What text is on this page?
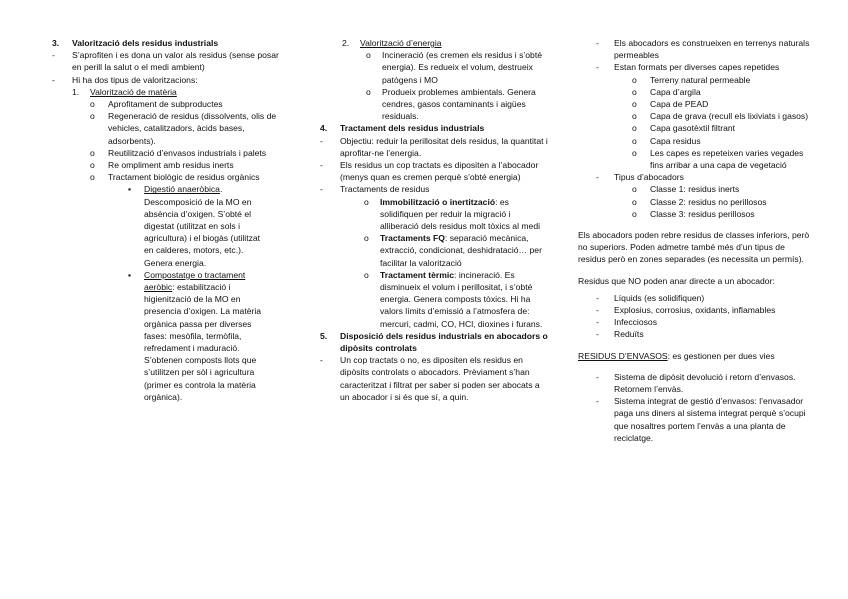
3. Valorització dels residus industrials
- S’aprofiten i es dona un valor als residus (sense posar en perill la salut o el medi ambient)
- Hi ha dos tipus de valoritzacions:
1. Valorització de matèria
o Aprofitament de subproductes
o Regeneració de residus (dissolvents, olis de vehicles, catalitzadors, àcids bases, adsorbents).
o Reutilització d’envasos industrials i palets
o Re ompliment amb residus inerts
o Tractament biològic de residus orgànics
▪ Digestió anaeròbica. Descomposició de la MO en absència d’oxigen. S’obté el digestat (utilitzat en sols i agricultura) i el biogàs (utilitzat en calderes, motors, etc.). Genera energia.
▪ Compostatge o tractament aeròbic: estabilització i higienització de la MO en presencia d’oxigen. La matèria orgànica passa per diverses fases: mesòfila, termòfila, refredament i maduració. S’obtenen composts llots que s’utilitzen per sòl i agricultura (primer es controla la matèria orgànica).
2. Valorització d’energia
o Incineració (es cremen els residus i s’obté energia). Es redueix el volum, destrueix patògens i MO
o Produeix problemes ambientals. Genera cendres, gasos contaminants i aigües residuals.
4. Tractament dels residus industrials
- Objectiu: reduir la perillositat dels residus, la quantitat i aprofitar-ne l’energia.
- Els residus un cop tractats es dipositen a l’abocador (menys quan es cremen perquè s’obté energia)
- Tractaments de residus
o Immobilització o inertització: es solidifiquen per reduir la migració i alliberació dels residus molt tòxics al medi
o Tractaments FQ: separació mecànica, extracció, condicionat, deshidratació… per facilitar la valorització
o Tractament tèrmic: incineració. Es disminueix el volum i perillositat, i s’obté energia. Genera composts tòxics. Hi ha valors límits d’emissió a l’atmosfera de: mercuri, cadmi, CO, HCl, dioxines i furans.
5. Disposició dels residus industrials en abocadors o dipòsits controlats
- Un cop tractats o no, es dipositen els residus en dipòsits controlats o abocadors. Prèviament s’han caracteritzat i filtrat per saber si poden ser abocats a un abocador i si és que sí, a quin.
- Els abocadors es construeixen en terrenys naturals permeables
- Estan formats per diverses capes repetides
o Terreny natural permeable
o Capa d’argila
o Capa de PEAD
o Capa de grava (recull els lixiviats i gasos)
o Capa gasotèxtil filtrant
o Capa residus
o Les capes es repeteixen varies vegades fins arribar a una capa de vegetació
- Tipus d’abocadors
o Classe 1: residus inerts
o Classe 2: residus no perillosos
o Classe 3: residus perillosos

Els abocadors poden rebre residus de classes inferiors, però no superiors. Poden admetre també més d’un tipus de residus però en zones separades (es necessita un permís).

Residus que NO poden anar directe a un abocador:

- Líquids (es solidifiquen)
- Explosius, corrosius, oxidants, inflamables
- Infecciosos
- Reduïts

RESIDUS D’ENVASOS: es gestionen per dues vies

- Sistema de dipòsit devolució i retorn d’envasos. Retornem l’envàs.
- Sistema integrat de gestió d’envasos: l’envasador paga uns diners al sistema integrat perquè s’ocupi que nosaltres portem l’envàs a una planta de reciclatge.
